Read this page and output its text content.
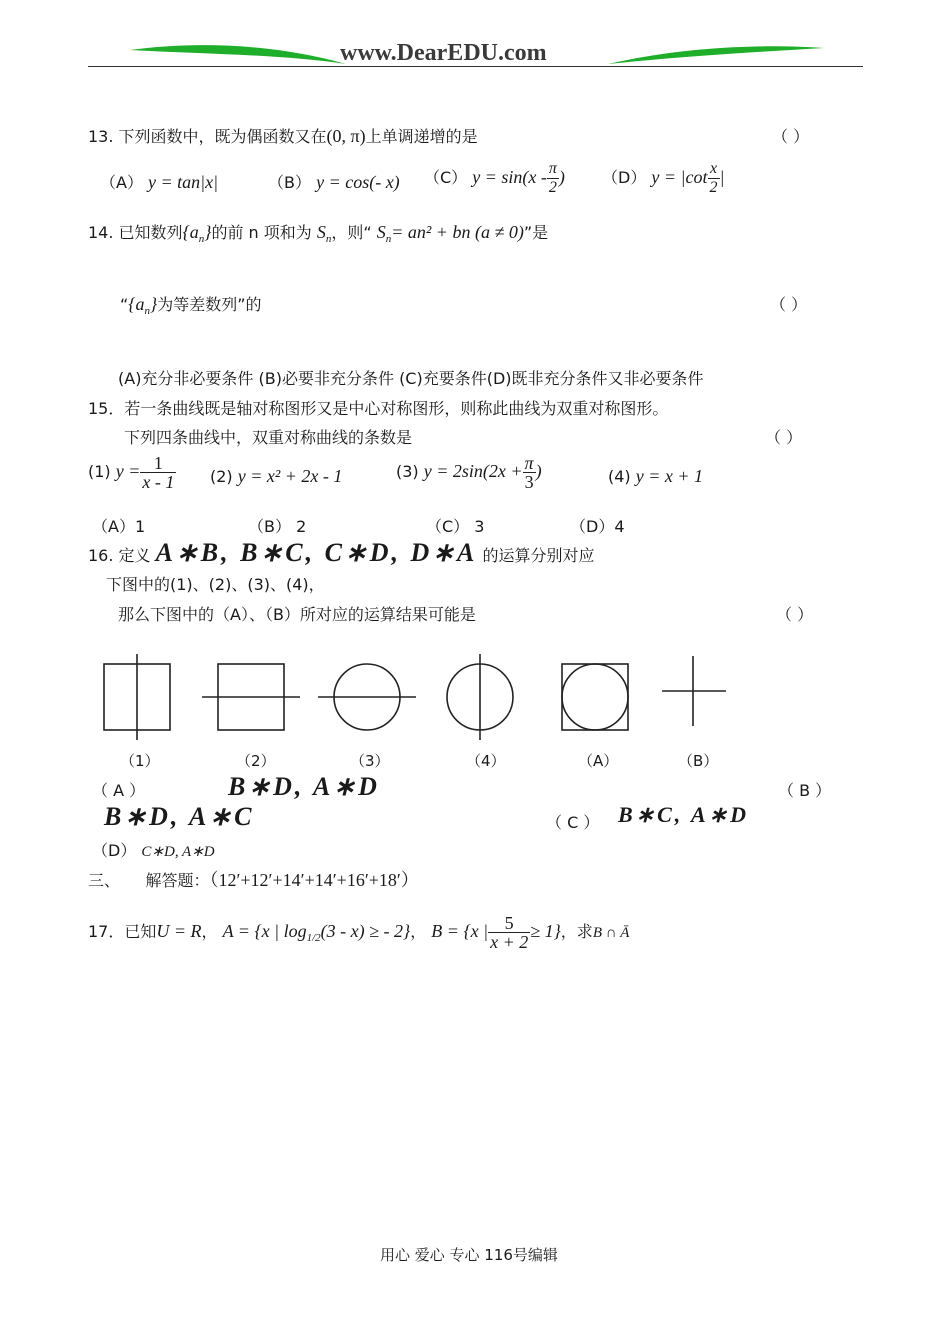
www.DearEDU.com
13. 下列函数中，既为偶函数又在(0, π)上单调递增的是	（ ）
（A） y = tan|x|	（B） y = cos(- x) （C） $y = \sin(x - \frac{\pi}{2}$ ) （D） $y = |\cot \frac{x}{2}$ |
14. 已知数列$\{a_n\}$的前 n 项和为 $S_n$，则“ $S_n= an^2$ + bn (a ≠ 0)”是
“$\{a_n\}$为等差数列”的	（ ）
(A)充分非必要条件 (B)必要非充分条件 (C)充要条件(D)既非充分条件又非必要条件
15．若一条曲线既是轴对称图形又是中心对称图形，则称此曲线为双重对称图形。
下列四条曲线中，双重对称曲线的条数是	（ ）
(1) $y = \frac{1}{x - 1} (2) y = x^2 + 2x - 1$	(3) $y = 2\sin(2x + \frac{\pi}{3}$ )	(4) y = x + 1
（A）1	（B） 2	（C） 3	（D）4
16. 定义 A∗B, B∗C, C∗D, D∗A 的运算分别对应
下图中的(1)、(2)、(3)、(4)，
那么下图中的（A）、（B）所对应的运算结果可能是	（ ）
（1）	（2）	（3）	（4）	（A）	（B）
（ A ）	B∗D, A∗D	（ B ）
B∗D, A∗C	（ C ） B∗C, A∗D
（D） C∗D, A∗D
三、 解答题：（12′+12′+14′+14′+16′+18′）
17．已知U = R， A = {x | $\log_{1/2}(3 - x)$ ≥ - 2}， B = {x | $\frac{5}{x + 2} \ge 1$}，求B ∩ Ā
用心 爱心 专心 116号编辑
